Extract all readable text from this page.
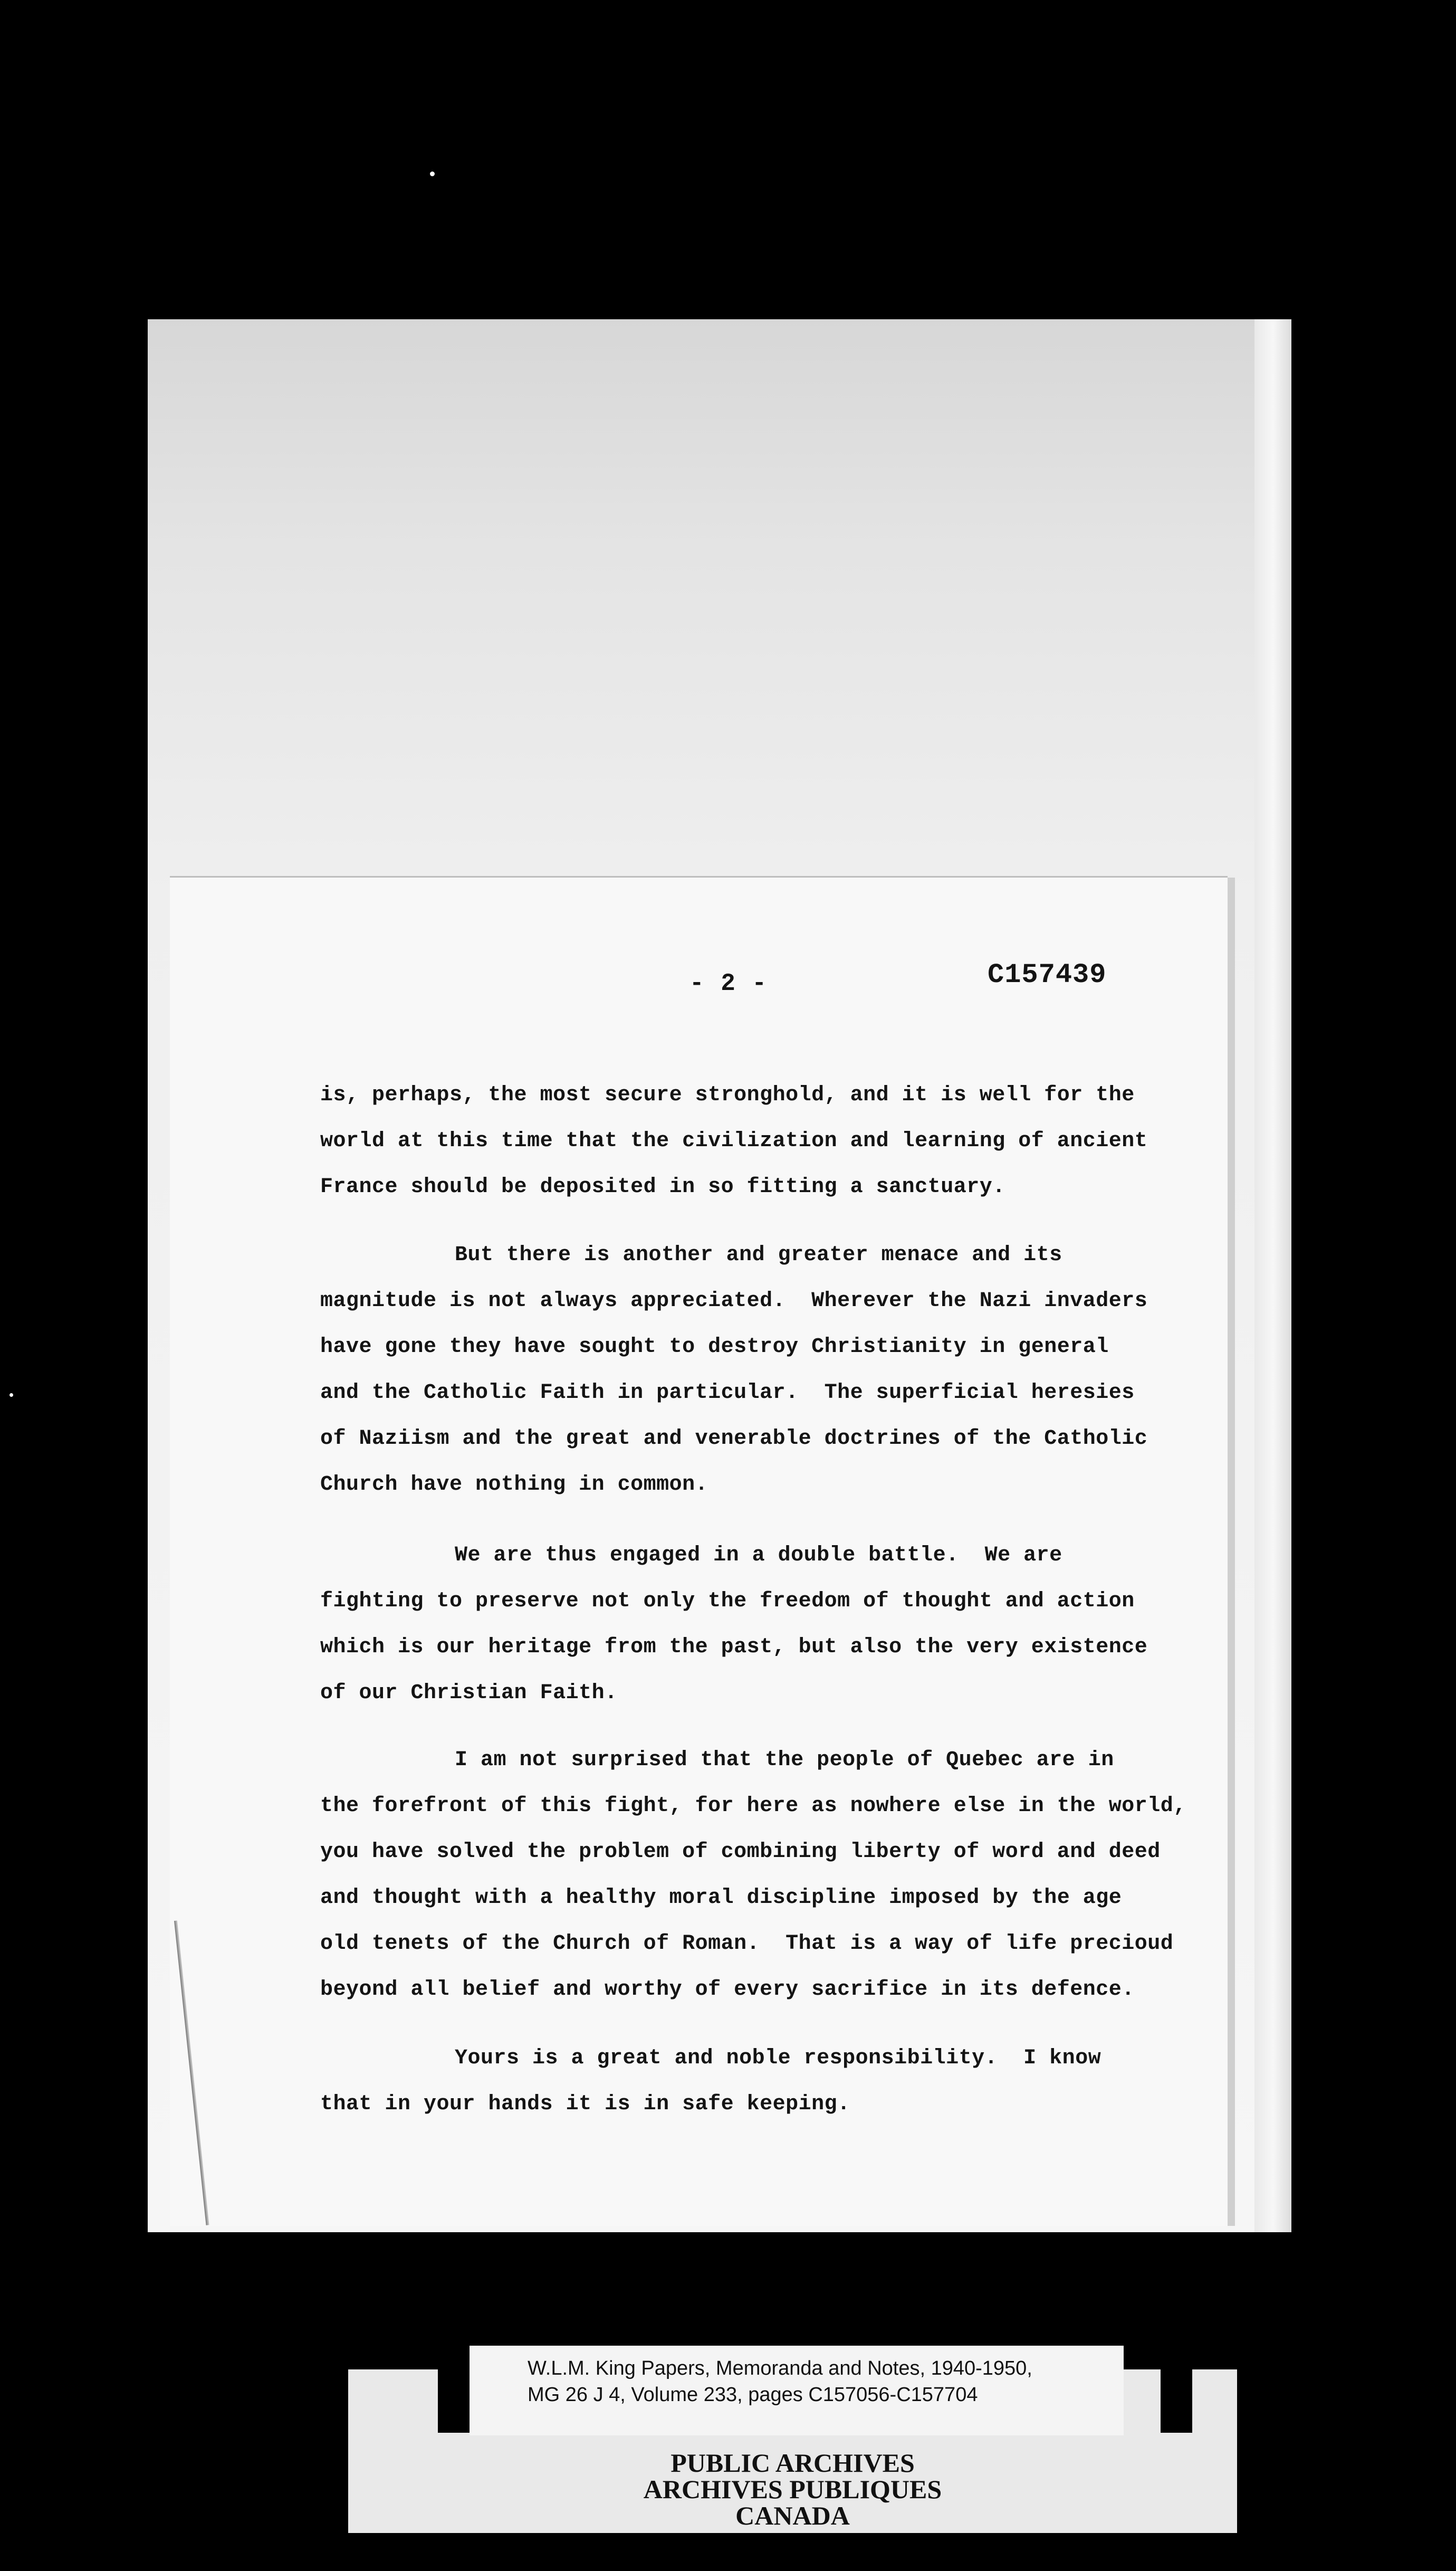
- 2 -	C157439
is, perhaps, the most secure stronghold, and it is well for the
world at this time that the civilization and learning of ancient
France should be deposited in so fitting a sanctuary.
But there is another and greater menace and its
magnitude is not always appreciated.  Wherever the Nazi invaders
have gone they have sought to destroy Christianity in general
and the Catholic Faith in particular.  The superficial heresies
of Naziism and the great and venerable doctrines of the Catholic
Church have nothing in common.
We are thus engaged in a double battle.  We are
fighting to preserve not only the freedom of thought and action
which is our heritage from the past, but also the very existence
of our Christian Faith.
I am not surprised that the people of Quebec are in
the forefront of this fight, for here as nowhere else in the world,
you have solved the problem of combining liberty of word and deed
and thought with a healthy moral discipline imposed by the age
old tenets of the Church of Roman.  That is a way of life precioud
beyond all belief and worthy of every sacrifice in its defence.
Yours is a great and noble responsibility.  I know
that in your hands it is in safe keeping.
PUBLIC ARCHIVES
ARCHIVES PUBLIQUES
CANADA
W.L.M. King Papers, Memoranda and Notes, 1940-1950,
MG 26 J 4, Volume 233, pages C157056-C157704
